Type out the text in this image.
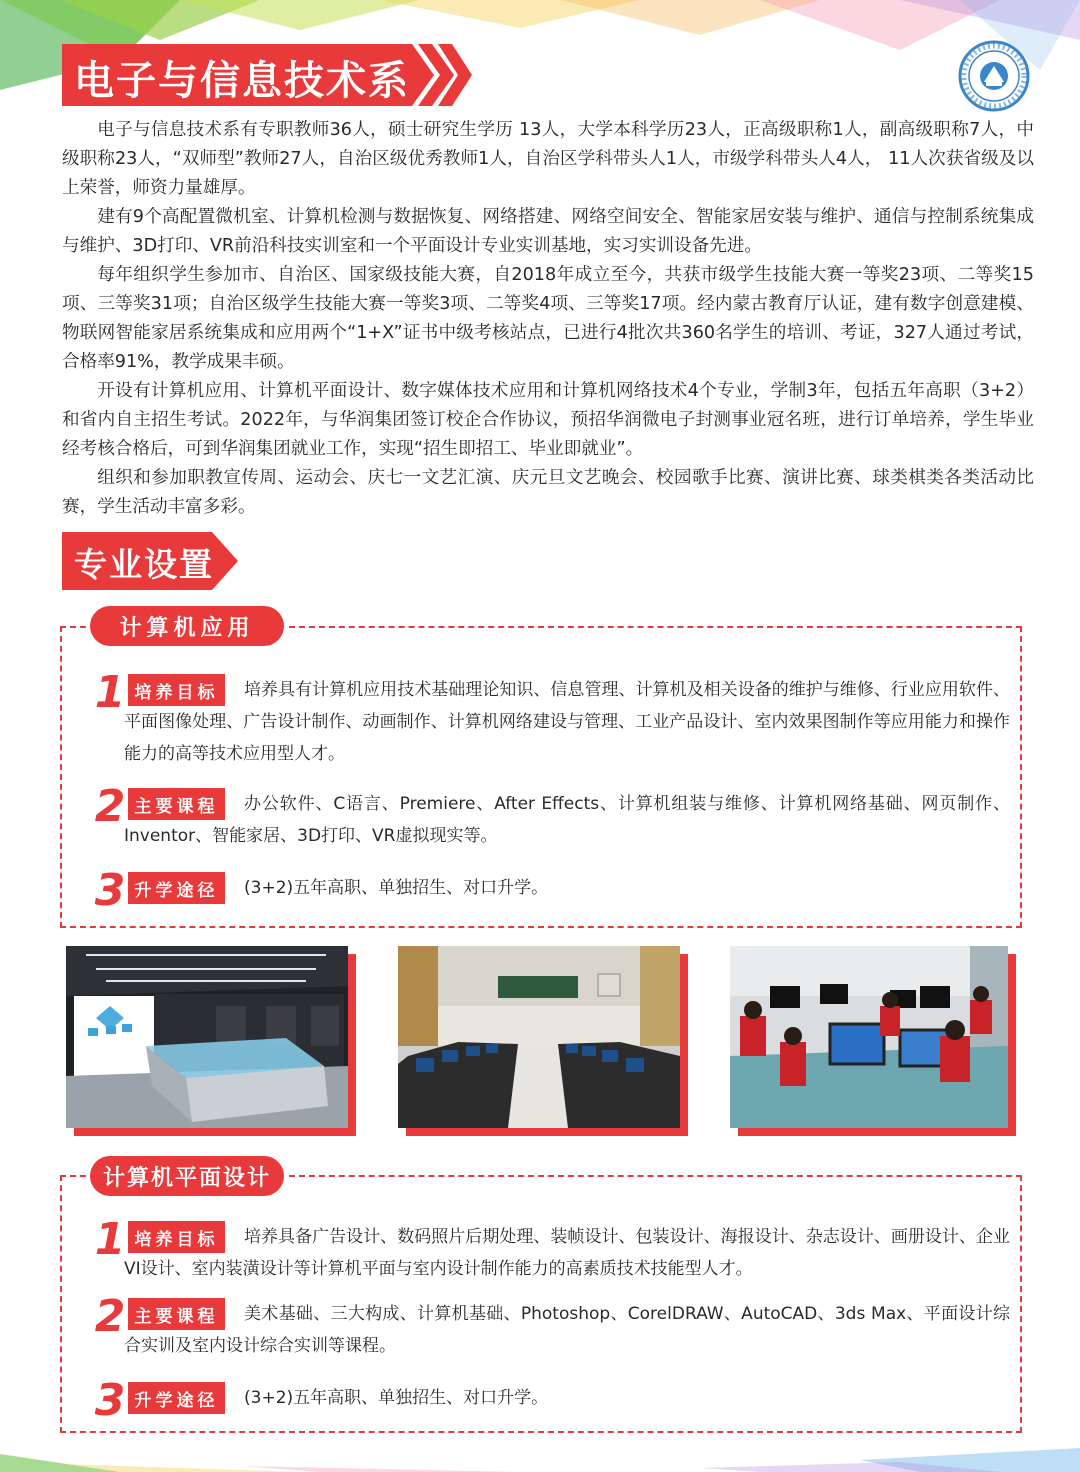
电子与信息技术系

电子与信息技术系有专职教师36人，硕士研究生学历 13人，大学本科学历23人，正高级职称1人，副高级职称7人，中级职称23人，“双师型”教师27人，自治区级优秀教师1人，自治区学科带头人1人，市级学科带头人4人， 11人次获省级及以上荣誉，师资力量雄厚。

建有9个高配置微机室、计算机检测与数据恢复、网络搭建、网络空间安全、智能家居安装与维护、通信与控制系统集成与维护、3D打印、VR前沿科技实训室和一个平面设计专业实训基地，实习实训设备先进。

每年组织学生参加市、自治区、国家级技能大赛，自2018年成立至今，共获市级学生技能大赛一等奖23项、二等奖15项、三等奖31项；自治区级学生技能大赛一等奖3项、二等奖4项、三等奖17项。经内蒙古教育厅认证，建有数字创意建模、物联网智能家居系统集成和应用两个“1+X”证书中级考核站点，已进行4批次共360名学生的培训、考证，327人通过考试，合格率91%，教学成果丰硕。

开设有计算机应用、计算机平面设计、数字媒体技术应用和计算机网络技术4个专业，学制3年，包括五年高职（3+2）和省内自主招生考试。2022年，与华润集团签订校企合作协议，预招华润微电子封测事业冠名班，进行订单培养，学生毕业经考核合格后，可到华润集团就业工作，实现“招生即招工、毕业即就业”。

组织和参加职教宣传周、运动会、庆七一文艺汇演、庆元旦文艺晚会、校园歌手比赛、演讲比赛、球类棋类各类活动比赛，学生活动丰富多彩。

专业设置
计算机应用
1 培养目标	培养具有计算机应用技术基础理论知识、信息管理、计算机及相关设备的维护与维修、行业应用软件、平面图像处理、广告设计制作、动画制作、计算机网络建设与管理、工业产品设计、室内效果图制作等应用能力和操作能力的高等技术应用型人才。
2 主要课程	办公软件、C语言、Premiere、After Effects、计算机组装与维修、计算机网络基础、网页制作、Inventor、智能家居、3D打印、VR虚拟现实等。
3 升学途径	(3+2)五年高职、单独招生、对口升学。
计算机平面设计
1 培养目标	培养具备广告设计、数码照片后期处理、装帧设计、包装设计、海报设计、杂志设计、画册设计、企业VI设计、室内装潢设计等计算机平面与室内设计制作能力的高素质技术技能型人才。
2 主要课程	美术基础、三大构成、计算机基础、Photoshop、CorelDRAW、AutoCAD、3ds Max、平面设计综合实训及室内设计综合实训等课程。
3 升学途径	(3+2)五年高职、单独招生、对口升学。
